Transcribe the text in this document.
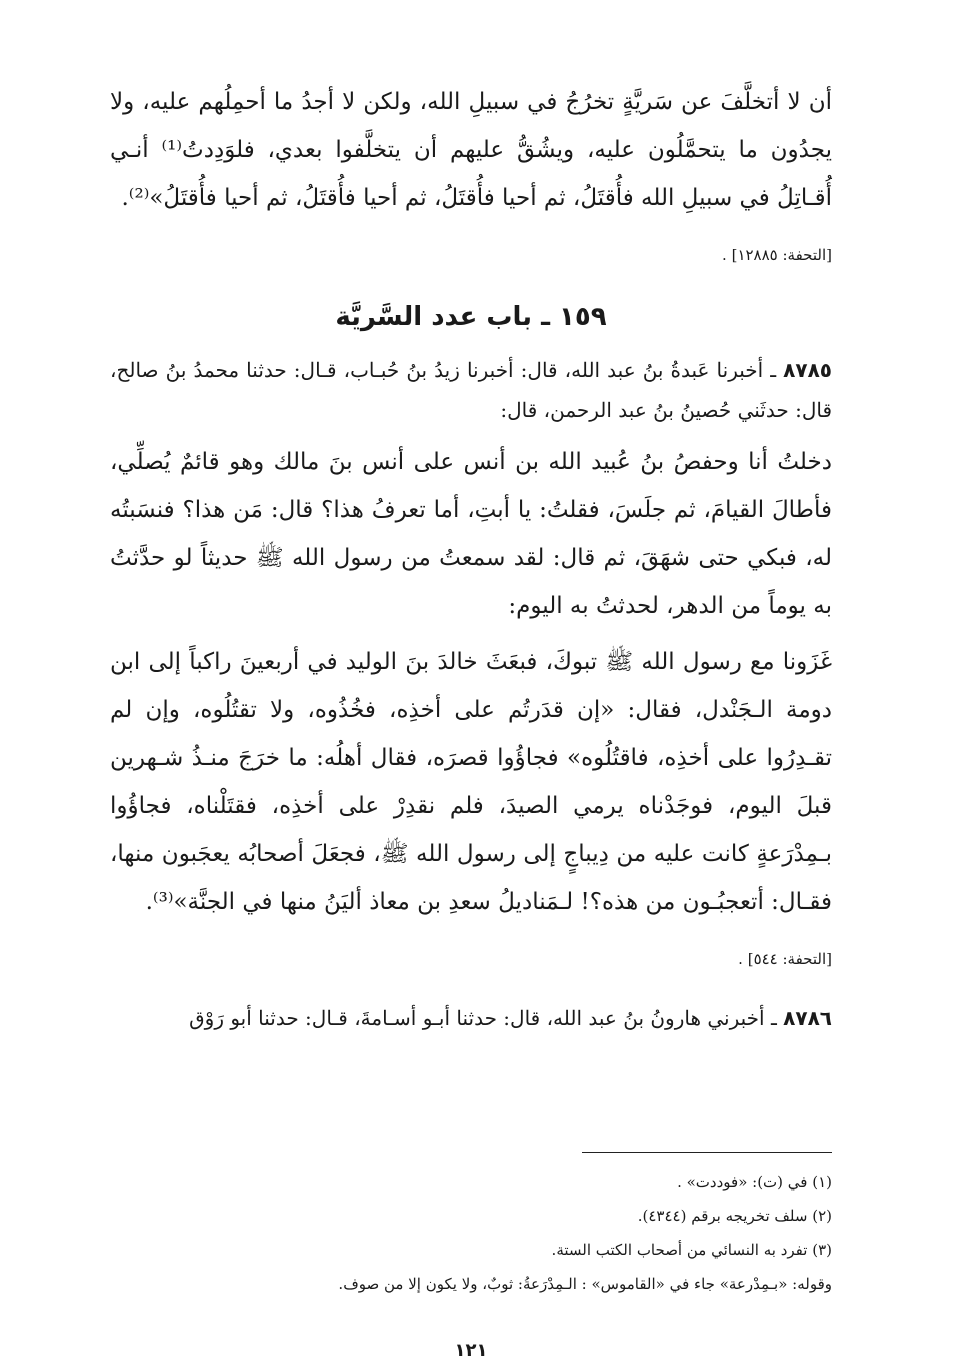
أن لا أتخلَّفَ عن سَريَّةٍ تخرُجُ في سبيلِ الله، ولكن لا أجدُ ما أحمِلُهم عليه، ولا يجدُون ما يتحمَّلُون عليه، ويشُقُّ عليهم أن يتخلَّفوا بعدي، فلوَدِدتُ⁽¹⁾ أنـي أُقـاتِلُ في سبيلِ الله فأُقتَلُ، ثم أحيا فأُقتَلُ، ثم أحيا فأُقتَلُ، ثم أحيا فأُقتَلُ»⁽²⁾.

[التحفة: ١٢٨٨٥] .
١٥٩ ـ باب عدد السَّريَّة

٨٧٨٥ ـ أخبرنا عَبدةُ بنُ عبد الله، قال: أخبرنا زيدُ بنُ حُبـاب، قـال: حدثنا محمدُ بنُ صالح، قال: حدثَني حُصينُ بنُ عبد الرحمن، قال:

دخلتُ أنا وحفصُ بنُ عُبيد الله بن أنس على أنس بنَ مالك وهو قائمٌ يُصلِّي، فأطالَ القيامَ، ثم جلَسَ، فقلتُ: يا أبتِ، أما تعرفُ هذا؟ قال: مَن هذا؟ فنسَبتُه له، فبكي حتى شهَقَ، ثم قال: لقد سمعتُ من رسول الله ﷺ حديثاً لو حدَّثتُ به يوماً من الدهر، لحدثتُ به اليوم:

غَزَونا مع رسول الله ﷺ تبوكَ، فبعَثَ خالدَ بنَ الوليد في أربعينَ راكباً إلى ابن دومة الـجَنْدل، فقال: «إن قدَرتُم على أخذِه، فخُذُوه، ولا تقتُلُوه، وإن لم تقـدِرُوا على أخذِه، فاقتُلُوه» فجاؤُوا قصرَه، فقال أهلُه: ما خرَجَ منـذُ شـهرين قبلَ اليوم، فوجَدْناه يرمي الصيدَ، فلم نقدِرْ على أخذِه، فقتَلْناه، فجاؤُوا بـمِدْرَعةٍ كانت عليه من دِيباجٍ إلى رسول الله ﷺ، فجعَلَ أصحابُه يعجَبون منها، فقـال: أتعجبُـون من هذه؟! لـمَناديلُ سعدِ بن معاذ أليَنُ منها في الجنَّة»⁽³⁾.

[التحفة: ٥٤٤] .

٨٧٨٦ ـ أخبرني هارونُ بنُ عبد الله، قال: حدثنا أبـو أسـامةَ، قـال: حدثنا أبو رَوْق

(١) في (ت): «فوددت» .
(٢) سلف تخريجه برقم (٤٣٤٤).
(٣) تفرد به النسائي من أصحاب الكتب الستة.
وقوله: «بـمِدْرعة» جاء في «القاموس» : الـمِدْرَعةُ: ثوبٌ، ولا يكون إلا من صوف.
١٢١
